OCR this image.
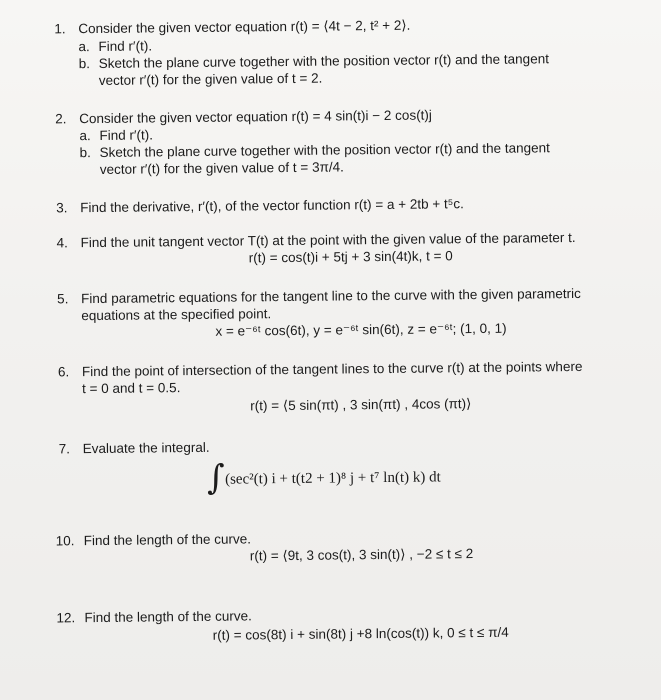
1. Consider the given vector equation r(t) = ⟨4t − 2, t² + 2⟩.
a. Find r′(t).
b. Sketch the plane curve together with the position vector r(t) and the tangent
vector r′(t) for the given value of t = 2.
2. Consider the given vector equation r(t) = 4 sin(t)i − 2 cos(t)j
a. Find r′(t).
b. Sketch the plane curve together with the position vector r(t) and the tangent
vector r′(t) for the given value of t = 3π/4.
3. Find the derivative, r′(t), of the vector function r(t) = a + 2tb + t⁵c.
4. Find the unit tangent vector T(t) at the point with the given value of the parameter t.
r(t) = cos(t)i + 5tj + 3 sin(4t)k, t = 0
5. Find parametric equations for the tangent line to the curve with the given parametric
equations at the specified point.
x = e⁻⁶ᵗ cos(6t), y = e⁻⁶ᵗ sin(6t), z = e⁻⁶ᵗ; (1, 0, 1)
6. Find the point of intersection of the tangent lines to the curve r(t) at the points where
t = 0 and t = 0.5.
r(t) = ⟨5 sin(πt) , 3 sin(πt) , 4cos (πt)⟩
7. Evaluate the integral.
∫ (sec²(t) i + t(t2 + 1)⁸ j + t⁷ ln(t) k) dt
10. Find the length of the curve.
r(t) = ⟨9t, 3 cos(t), 3 sin(t)⟩ , −2 ≤ t ≤ 2
12. Find the length of the curve.
r(t) = cos(8t) i + sin(8t) j +8 ln(cos(t)) k, 0 ≤ t ≤ π/4
